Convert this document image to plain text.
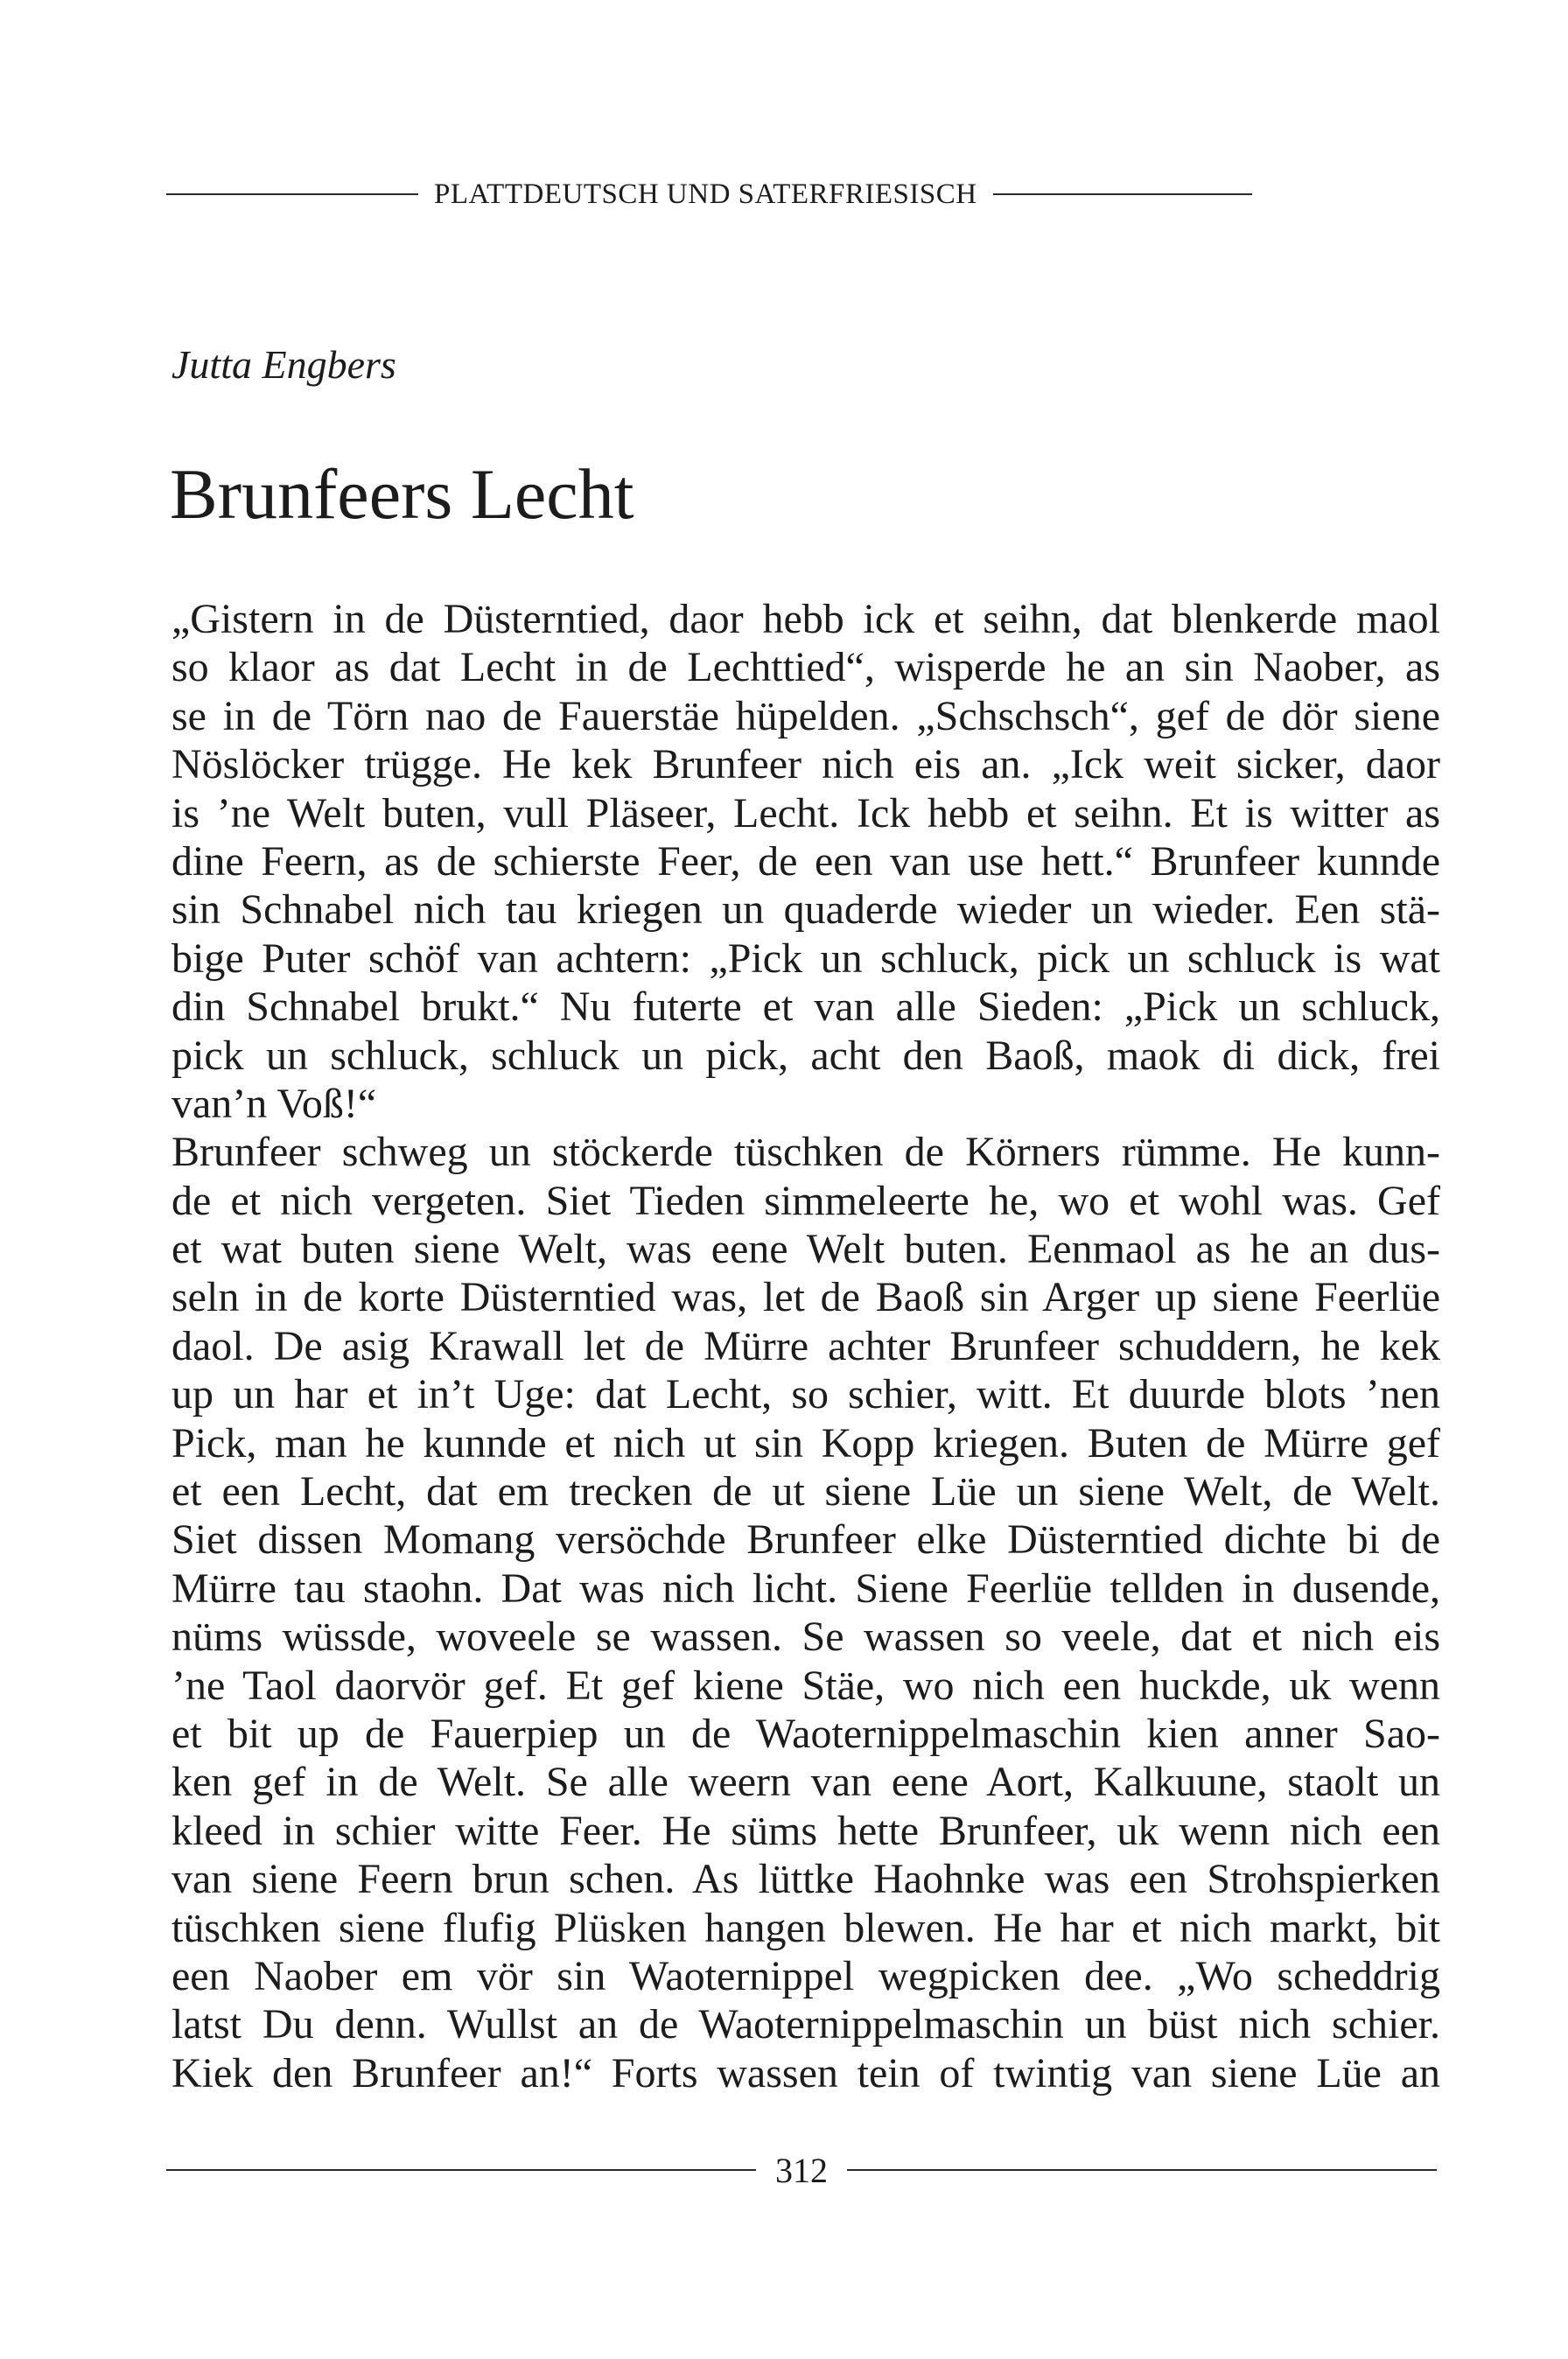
PLATTDEUTSCH UND SATERFRIESISCH
Jutta Engbers
Brunfeers Lecht
„Gistern in de Düsterntied, daor hebb ick et seihn, dat blenkerde maol
so klaor as dat Lecht in de Lechttied“, wisperde he an sin Naober, as
se in de Törn nao de Fauerstäe hüpelden. „Schschsch“, gef de dör siene
Nöslöcker trügge. He kek Brunfeer nich eis an. „Ick weit sicker, daor
is ’ne Welt buten, vull Pläseer, Lecht. Ick hebb et seihn. Et is witter as
dine Feern, as de schierste Feer, de een van use hett.“ Brunfeer kunnde
sin Schnabel nich tau kriegen un quaderde wieder un wieder. Een stä-
bige Puter schöf van achtern: „Pick un schluck, pick un schluck is wat
din Schnabel brukt.“ Nu futerte et van alle Sieden: „Pick un schluck,
pick un schluck, schluck un pick, acht den Baoß, maok di dick, frei
van’n Voß!“
Brunfeer schweg un stöckerde tüschken de Körners rümme. He kunn-
de et nich vergeten. Siet Tieden simmeleerte he, wo et wohl was. Gef
et wat buten siene Welt, was eene Welt buten. Eenmaol as he an dus-
seln in de korte Düsterntied was, let de Baoß sin Arger up siene Feerlüe
daol. De asig Krawall let de Mürre achter Brunfeer schuddern, he kek
up un har et in’t Uge: dat Lecht, so schier, witt. Et duurde blots ’nen
Pick, man he kunnde et nich ut sin Kopp kriegen. Buten de Mürre gef
et een Lecht, dat em trecken de ut siene Lüe un siene Welt, de Welt.
Siet dissen Momang versöchde Brunfeer elke Düsterntied dichte bi de
Mürre tau staohn. Dat was nich licht. Siene Feerlüe tellden in dusende,
nüms wüssde, woveele se wassen. Se wassen so veele, dat et nich eis
’ne Taol daorvör gef. Et gef kiene Stäe, wo nich een huckde, uk wenn
et bit up de Fauerpiep un de Waoternippelmaschin kien anner Sao-
ken gef in de Welt. Se alle weern van eene Aort, Kalkuune, staolt un
kleed in schier witte Feer. He süms hette Brunfeer, uk wenn nich een
van siene Feern brun schen. As lüttke Haohnke was een Strohspierken
tüschken siene flufig Plüsken hangen blewen. He har et nich markt, bit
een Naober em vör sin Waoternippel wegpicken dee. „Wo scheddrig
latst Du denn. Wullst an de Waoternippelmaschin un büst nich schier.
Kiek den Brunfeer an!“ Forts wassen tein of twintig van siene Lüe an
312
